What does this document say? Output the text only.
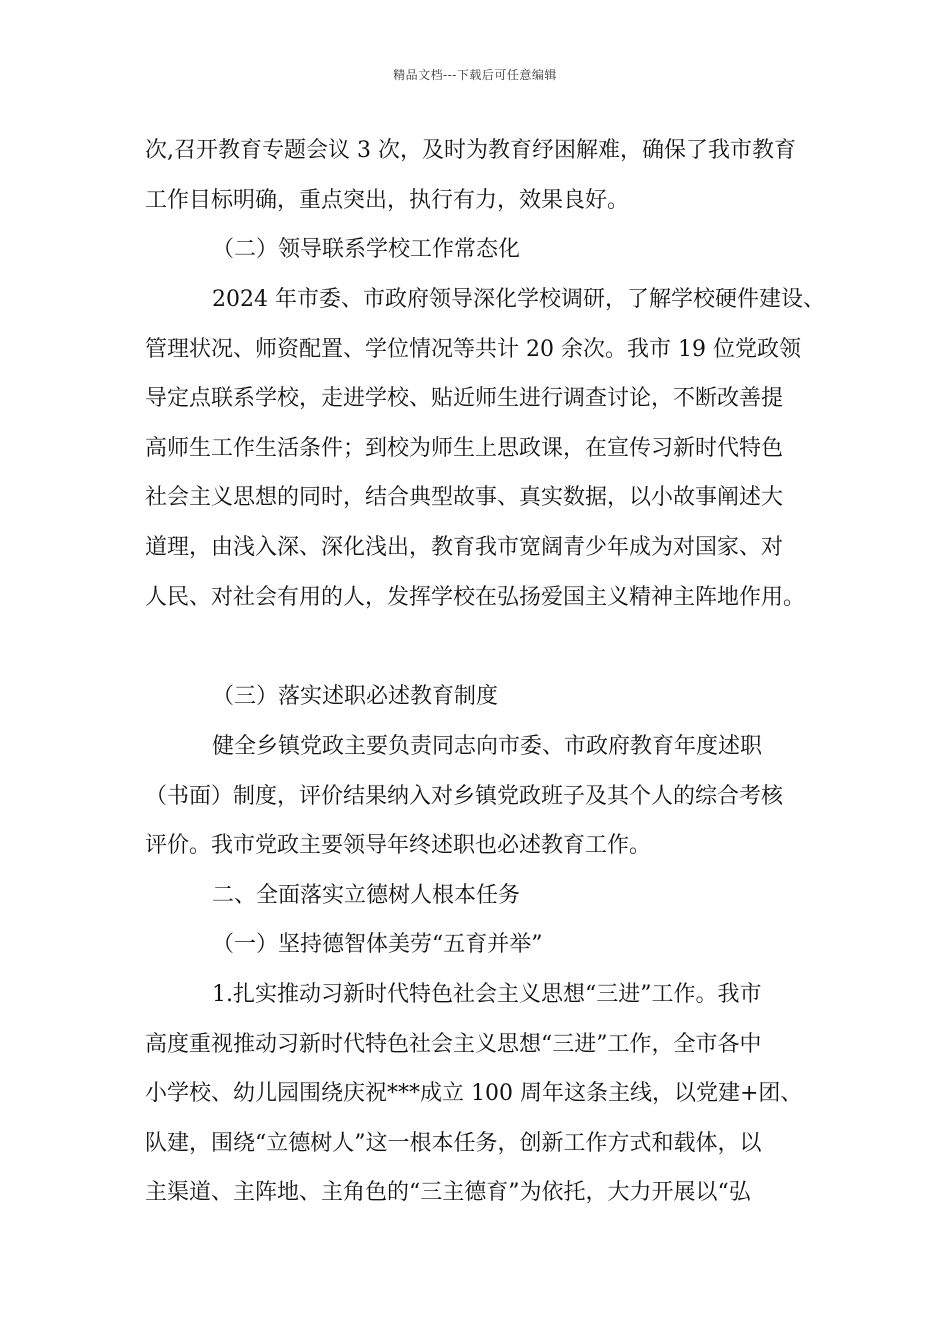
精品文档---下载后可任意编辑
次,召开教育专题会议 3 次，及时为教育纾困解难，确保了我市教育
工作目标明确，重点突出，执行有力，效果良好。
（二）领导联系学校工作常态化
2024 年市委、市政府领导深化学校调研，了解学校硬件建设、
管理状况、师资配置、学位情况等共计 20 余次。我市 19 位党政领
导定点联系学校，走进学校、贴近师生进行调查讨论，不断改善提
高师生工作生活条件；到校为师生上思政课，在宣传习新时代特色
社会主义思想的同时，结合典型故事、真实数据，以小故事阐述大
道理，由浅入深、深化浅出，教育我市宽阔青少年成为对国家、对
人民、对社会有用的人，发挥学校在弘扬爱国主义精神主阵地作用。
（三）落实述职必述教育制度
健全乡镇党政主要负责同志向市委、市政府教育年度述职
（书面）制度，评价结果纳入对乡镇党政班子及其个人的综合考核
评价。我市党政主要领导年终述职也必述教育工作。
二、全面落实立德树人根本任务
（一）坚持德智体美劳“五育并举”
1.扎实推动习新时代特色社会主义思想“三进”工作。我市
高度重视推动习新时代特色社会主义思想“三进”工作，全市各中
小学校、幼儿园围绕庆祝***成立 100 周年这条主线，以党建+团、
队建，围绕“立德树人”这一根本任务，创新工作方式和载体，以
主渠道、主阵地、主角色的“三主德育”为依托，大力开展以“弘
